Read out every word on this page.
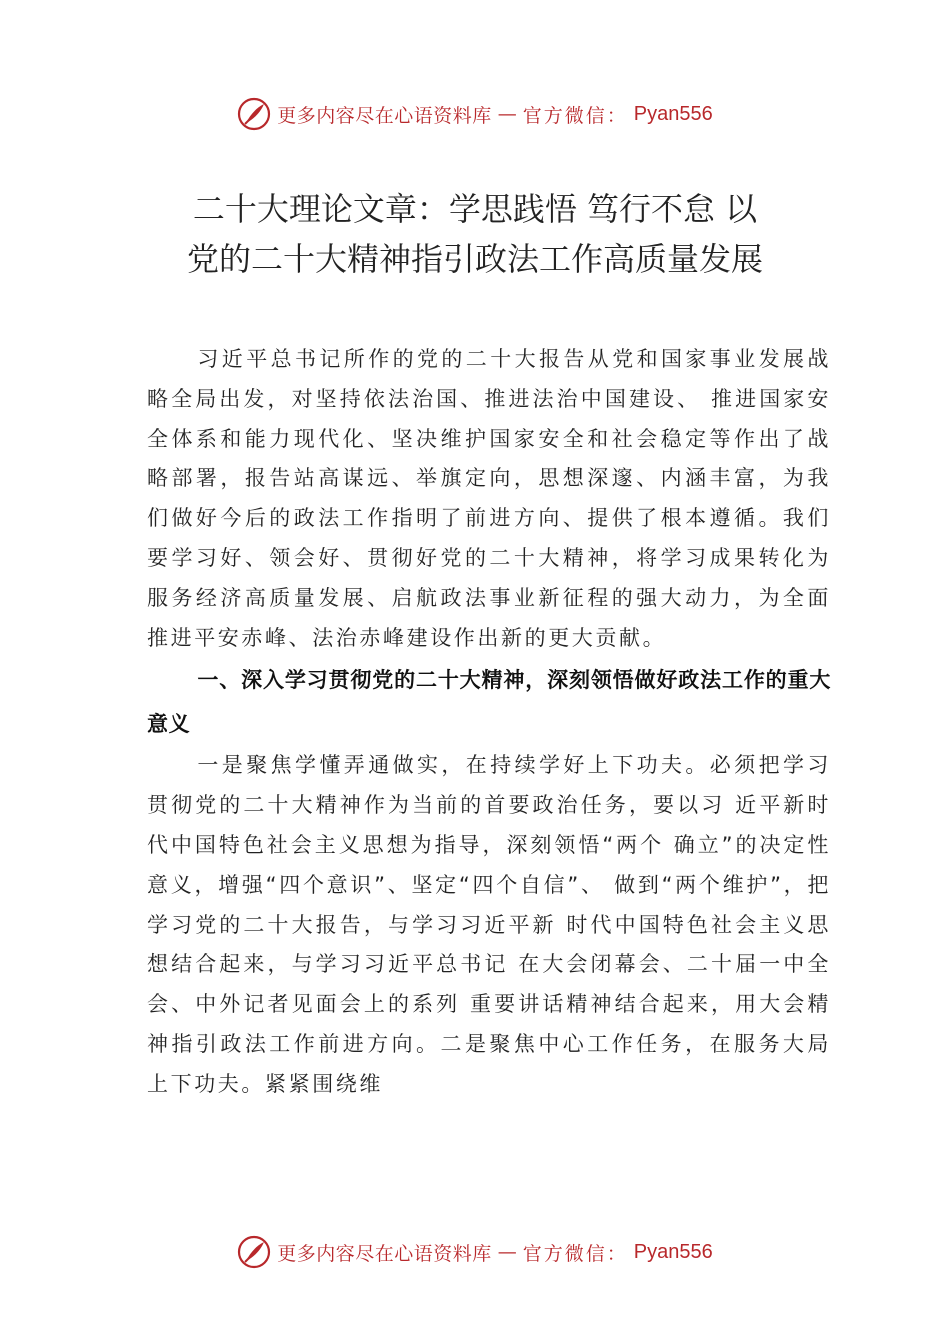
更多内容尽在心语资料库 — 官方微信： Pyan556
二十大理论文章：学思践悟 笃行不怠 以
党的二十大精神指引政法工作高质量发展

习近平总书记所作的党的二十大报告从党和国家事业发展战略全局出发，对坚持依法治国、推进法治中国建设、 推进国家安全体系和能力现代化、坚决维护国家安全和社会稳定等作出了战略部署，报告站高谋远、举旗定向，思想深邃、内涵丰富，为我们做好今后的政法工作指明了前进方向、提供了根本遵循。我们要学习好、领会好、贯彻好党的二十大精神，将学习成果转化为服务经济高质量发展、启航政法事业新征程的强大动力，为全面推进平安赤峰、法治赤峰建设作出新的更大贡献。

一、深入学习贯彻党的二十大精神，深刻领悟做好政法工作的重大意义

一是聚焦学懂弄通做实，在持续学好上下功夫。必须把学习贯彻党的二十大精神作为当前的首要政治任务，要以习 近平新时代中国特色社会主义思想为指导，深刻领悟“两个 确立”的决定性意义，增强“四个意识”、坚定“四个自信”、 做到“两个维护”，把学习党的二十大报告，与学习习近平新 时代中国特色社会主义思想结合起来，与学习习近平总书记 在大会闭幕会、二十届一中全会、中外记者见面会上的系列 重要讲话精神结合起来，用大会精神指引政法工作前进方向。二是聚焦中心工作任务，在服务大局上下功夫。紧紧围绕维

更多内容尽在心语资料库 — 官方微信： Pyan556
